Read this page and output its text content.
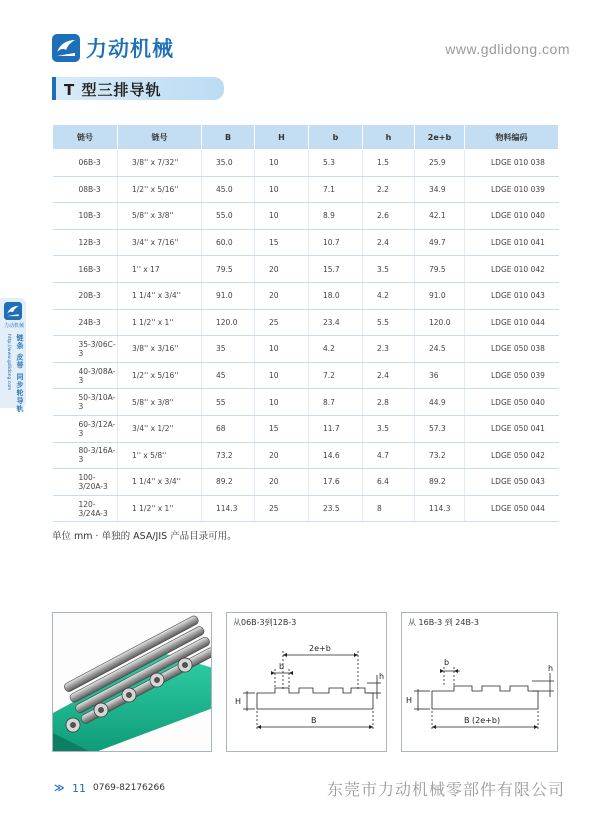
力动机械	www.gdlidong.com
T 型三排导轨
力动机械
链条 皮带 同步轮导轨
http://www.gdlidong.com
链号	链号	B	H	b	h	2e+b	物料编码
06B-3	3/8'' x 7/32''	35.0	10	5.3	1.5	25.9	LDGE 010 038
08B-3	1/2'' x 5/16''	45.0	10	7.1	2.2	34.9	LDGE 010 039
10B-3	5/8'' x 3/8''	55.0	10	8.9	2.6	42.1	LDGE 010 040
12B-3	3/4'' x 7/16''	60.0	15	10.7	2.4	49.7	LDGE 010 041
16B-3	1'' x 17	79.5	20	15.7	3.5	79.5	LDGE 010 042
20B-3	1 1/4'' x 3/4''	91.0	20	18.0	4.2	91.0	LDGE 010 043
24B-3	1 1/2'' x 1''	120.0	25	23.4	5.5	120.0	LDGE 010 044
35-3/06C-3	3/8'' x 3/16''	35	10	4.2	2.3	24.5	LDGE 050 038
40-3/08A-3	1/2'' x 5/16''	45	10	7.2	2.4	36	LDGE 050 039
50-3/10A-3	5/8'' x 3/8''	55	10	8.7	2.8	44.9	LDGE 050 040
60-3/12A-3	3/4'' x 1/2''	68	15	11.7	3.5	57.3	LDGE 050 041
80-3/16A-3	1'' x 5/8''	73.2	20	14.6	4.7	73.2	LDGE 050 042
100-3/20A-3	1 1/4'' x 3/4''	89.2	20	17.6	6.4	89.2	LDGE 050 043
120-3/24A-3	1 1/2'' x 1''	114.3	25	23.5	8	114.3	LDGE 050 044
单位 mm · 单独的 ASA/JIS 产品目录可用。
从06B-3到12B-3
2e+b
b
h
H
B
从 16B-3 到 24B-3
b
h
H
B (2e+b)
≫ 11 0769-82176266	东莞市力动机械零部件有限公司
